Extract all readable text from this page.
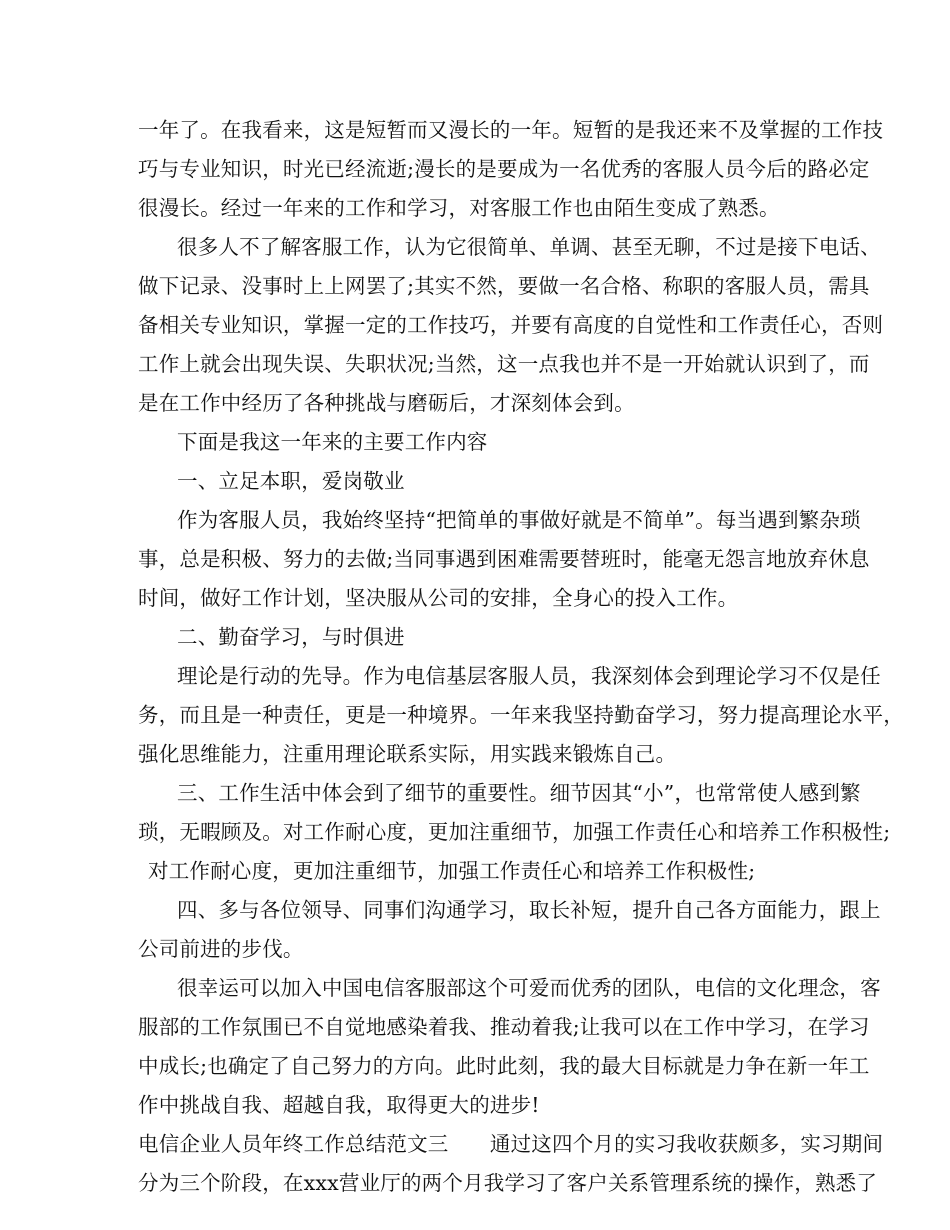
一年了。在我看来，这是短暂而又漫长的一年。短暂的是我还来不及掌握的工作技
巧与专业知识，时光已经流逝;漫长的是要成为一名优秀的客服人员今后的路必定
很漫长。经过一年来的工作和学习，对客服工作也由陌生变成了熟悉。
很多人不了解客服工作，认为它很简单、单调、甚至无聊，不过是接下电话、
做下记录、没事时上上网罢了;其实不然，要做一名合格、称职的客服人员，需具
备相关专业知识，掌握一定的工作技巧，并要有高度的自觉性和工作责任心，否则
工作上就会出现失误、失职状况;当然，这一点我也并不是一开始就认识到了，而
是在工作中经历了各种挑战与磨砺后，才深刻体会到。
下面是我这一年来的主要工作内容
一、立足本职，爱岗敬业
作为客服人员，我始终坚持“把简单的事做好就是不简单”。每当遇到繁杂琐
事，总是积极、努力的去做;当同事遇到困难需要替班时，能毫无怨言地放弃休息
时间，做好工作计划，坚决服从公司的安排，全身心的投入工作。
二、勤奋学习，与时俱进
理论是行动的先导。作为电信基层客服人员，我深刻体会到理论学习不仅是任
务，而且是一种责任，更是一种境界。一年来我坚持勤奋学习，努力提高理论水平，
强化思维能力，注重用理论联系实际，用实践来锻炼自己。
三、工作生活中体会到了细节的重要性。细节因其“小”，也常常使人感到繁
琐，无暇顾及。对工作耐心度，更加注重细节，加强工作责任心和培养工作积极性;
对工作耐心度，更加注重细节，加强工作责任心和培养工作积极性;
四、多与各位领导、同事们沟通学习，取长补短，提升自己各方面能力，跟上
公司前进的步伐。
很幸运可以加入中国电信客服部这个可爱而优秀的团队，电信的文化理念，客
服部的工作氛围已不自觉地感染着我、推动着我;让我可以在工作中学习，在学习
中成长;也确定了自己努力的方向。此时此刻，我的最大目标就是力争在新一年工
作中挑战自我、超越自我，取得更大的进步!
电信企业人员年终工作总结范文三　　通过这四个月的实习我收获颇多，实习期间
分为三个阶段，在xxx营业厅的两个月我学习了客户关系管理系统的操作，熟悉了
